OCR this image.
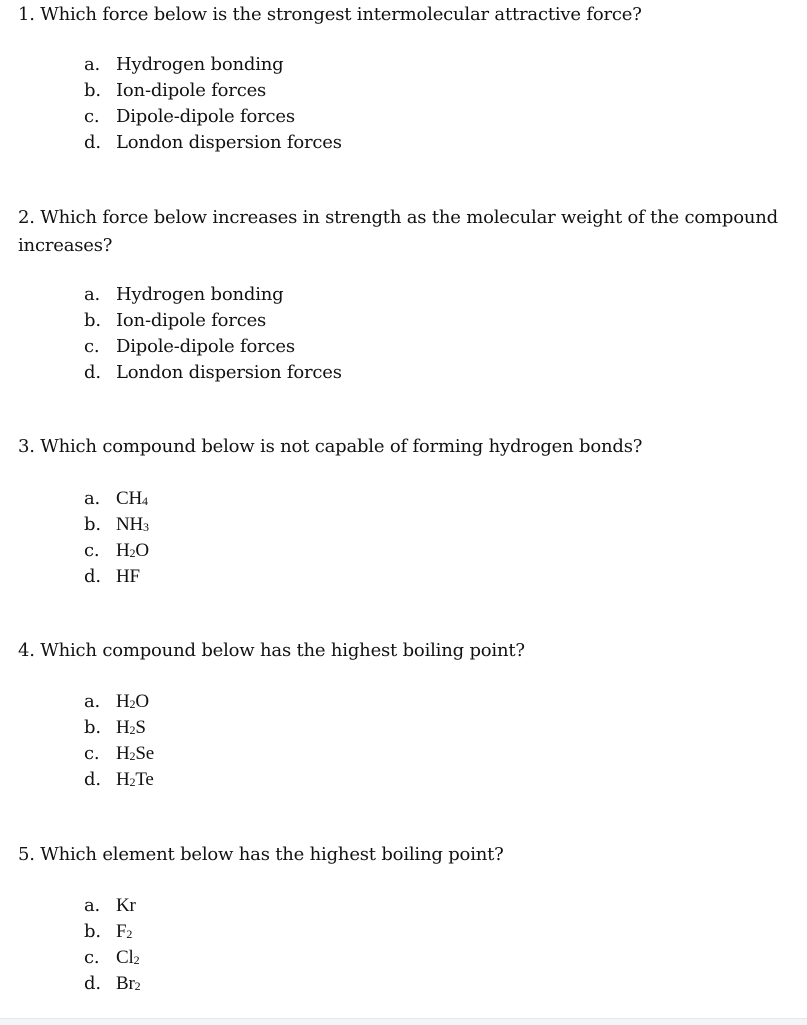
1. Which force below is the strongest intermolecular attractive force?
a. Hydrogen bonding
b. Ion-dipole forces
c. Dipole-dipole forces
d. London dispersion forces
2. Which force below increases in strength as the molecular weight of the compound increases?
a. Hydrogen bonding
b. Ion-dipole forces
c. Dipole-dipole forces
d. London dispersion forces
3. Which compound below is not capable of forming hydrogen bonds?
a. $CH_4$
b. $NH_3$
c. $H_2O$
d. HF
4. Which compound below has the highest boiling point?
a. $H_2O$
b. $H_2S$
c. $H_2Se$
d. $H_2Te$
5. Which element below has the highest boiling point?
a. Kr
b. $F_2$
c. $Cl_2$
d. $Br_2$
